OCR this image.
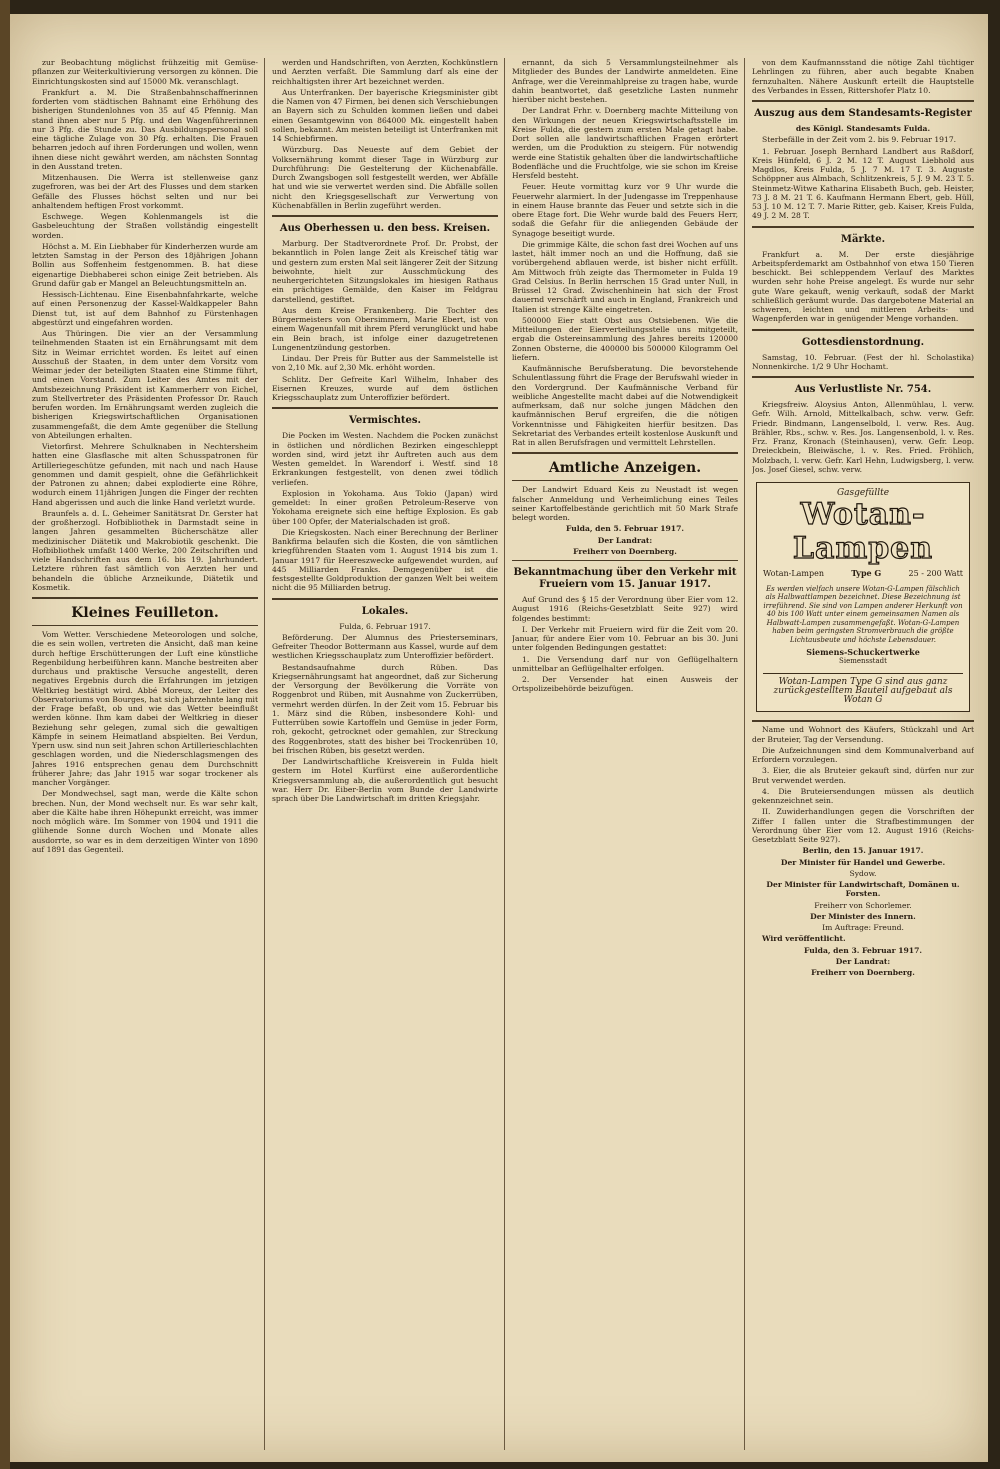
zur Beobachtung möglichst frühzeitig mit Gemüse-pflanzen zur Weiterkultivierung versorgen zu können. Die Einrichtungskosten sind auf 15000 Mk. veranschlagt.

Frankfurt a. M. Die Straßenbahnschaffnerinnen forderten vom städtischen Bahnamt eine Erhöhung des bisherigen Stundenlohnes von 35 auf 45 Pfennig. Man stand ihnen aber nur 5 Pfg. und den Wagenführerinnen nur 3 Pfg. die Stunde zu. Das Ausbildungspersonal soll eine tägliche Zulage von 30 Pfg. erhalten. Die Frauen beharren jedoch auf ihren Forderungen und wollen, wenn ihnen diese nicht gewährt werden, am nächsten Sonntag in den Ausstand treten.

Mitzenhausen. Die Werra ist stellenweise ganz zugefroren, was bei der Art des Flusses und dem starken Gefälle des Flusses höchst selten und nur bei anhaltendem heftigen Frost vorkommt.

Eschwege. Wegen Kohlenmangels ist die Gasbeleuchtung der Straßen vollständig eingestellt worden.

Höchst a. M. Ein Liebhaber für Kinderherzen wurde am letzten Samstag in der Person des 18jährigen Johann Bollin aus Soffenheim festgenommen. B. hat diese eigenartige Diebhaberei schon einige Zeit betrieben. Als Grund dafür gab er Mangel an Beleuchtungsmitteln an.

Hessisch-Lichtenau. Eine Eisenbahnfahrkarte, welche auf einen Personenzug der Kassel-Waldkappeler Bahn Dienst tut, ist auf dem Bahnhof zu Fürstenhagen abgestürzt und eingefahren worden.

Aus Thüringen. Die vier an der Versammlung teilnehmenden Staaten ist ein Ernährungsamt mit dem Sitz in Weimar errichtet worden. Es leitet auf einen Ausschuß der Staaten, in dem unter dem Vorsitz vom Weimar jeder der beteiligten Staaten eine Stimme führt, und einen Vorstand. Zum Leiter des Amtes mit der Amtsbezeichnung Präsident ist Kammerherr von Eichel, zum Stellvertreter des Präsidenten Professor Dr. Rauch berufen worden. Im Ernährungsamt werden zugleich die bisherigen Kriegswirtschaftlichen Organisationen zusammengefaßt, die dem Amte gegenüber die Stellung von Abteilungen erhalten.

Vietorfirst. Mehrere Schulknaben in Nechtersheim hatten eine Glasflasche mit alten Schusspatronen für Artilleriegeschütze gefunden, mit nach und nach Hause genommen und damit gespielt, ohne die Gefährlichkeit der Patronen zu ahnen; dabei explodierte eine Röhre, wodurch einem 11jährigen Jungen die Finger der rechten Hand abgerissen und auch die linke Hand verletzt wurde.

Braunfels a. d. L. Geheimer Sanitätsrat Dr. Gerster hat der großherzogl. Hofbibliothek in Darmstadt seine in langen Jahren gesammelten Bücherschätze aller medizinischer Diätetik und Makrobiotik geschenkt. Die Hofbibliothek umfaßt 1400 Werke, 200 Zeitschriften und viele Handschriften aus dem 16. bis 19. Jahrhundert. Letztere rühren fast sämtlich von Aerzten her und behandeln die übliche Arzneikunde, Diätetik und Kosmetik.

Kleines Feuilleton.

Vom Wetter. Verschiedene Meteorologen und solche, die es sein wollen, vertreten die Ansicht, daß man keine durch heftige Erschütterungen der Luft eine künstliche Regenbildung herbeiführen kann. Manche bestreiten aber durchaus und praktische Versuche angestellt, deren negatives Ergebnis durch die Erfahrungen im jetzigen Weltkrieg bestätigt wird. Abbé Moreux, der Leiter des Observatoriums von Bourges, hat sich jahrzehnte lang mit der Frage befaßt, ob und wie das Wetter beeinflußt werden könne. Ihm kam dabei der Weltkrieg in dieser Beziehung sehr gelegen, zumal sich die gewaltigen Kämpfe in seinem Heimatland abspielten. Bei Verdun, Ypern usw. sind nun seit Jahren schon Artillerieschlachten geschlagen worden, und die Niederschlagsmengen des Jahres 1916 entsprechen genau dem Durchschnitt früherer Jahre; das Jahr 1915 war sogar trockener als mancher Vorgänger.

Der Mondwechsel, sagt man, werde die Kälte schon brechen. Nun, der Mond wechselt nur. Es war sehr kalt, aber die Kälte habe ihren Höhepunkt erreicht, was immer noch möglich wäre. Im Sommer von 1904 und 1911 die glühende Sonne durch Wochen und Monate alles ausdorrte, so war es in dem derzeitigen Winter von 1890 auf 1891 das Gegenteil.

werden und Handschriften, von Aerzten, Kochkünstlern und Aerzten verfaßt. Die Sammlung darf als eine der reichhaltigsten ihrer Art bezeichnet werden.

Aus Unterfranken. Der bayerische Kriegsminister gibt die Namen von 47 Firmen, bei denen sich Verschiebungen an Bayern sich zu Schulden kommen ließen und dabei einen Gesamtgewinn von 864000 Mk. eingestellt haben sollen, bekannt. Am meisten beteiligt ist Unterfranken mit 14 Schiebfirmen.

Würzburg. Das Neueste auf dem Gebiet der Volksernährung kommt dieser Tage in Würzburg zur Durchführung: Die Gestelterung der Küchenabfälle. Durch Zwangsbogen soll festgestellt werden, wer Abfälle hat und wie sie verwertet werden sind. Die Abfälle sollen nicht den Kriegsgesellschaft zur Verwertung von Küchenabfällen in Berlin zugeführt werden.

Aus Oberhessen u. den bess. Kreisen.

Marburg. Der Stadtverordnete Prof. Dr. Probst, der bekanntlich in Polen lange Zeit als Kreischef tätig war und gestern zum ersten Mal seit längerer Zeit der Sitzung beiwohnte, hielt zur Ausschmückung des neuhergerichteten Sitzungslokales im hiesigen Rathaus ein prächtiges Gemälde, den Kaiser im Feldgrau darstellend, gestiftet.

Aus dem Kreise Frankenberg. Die Tochter des Bürgermeisters von Obersimmern, Marie Ebert, ist von einem Wagenunfall mit ihrem Pferd verunglückt und habe ein Bein brach, ist infolge einer dazugetretenen Lungenentzündung gestorben.

Lindau. Der Preis für Butter aus der Sammelstelle ist von 2,10 Mk. auf 2,30 Mk. erhöht worden.

Schlitz. Der Gefreite Karl Wilhelm, Inhaber des Eisernen Kreuzes, wurde auf dem östlichen Kriegsschauplatz zum Unteroffizier befördert.

Vermischtes.

Die Pocken im Westen. Nachdem die Pocken zunächst in östlichen und nördlichen Bezirken eingeschleppt worden sind, wird jetzt ihr Auftreten auch aus dem Westen gemeldet. In Warendorf i. Westf. sind 18 Erkrankungen festgestellt, von denen zwei tödlich verliefen.

Explosion in Yokohama. Aus Tokio (Japan) wird gemeldet: In einer großen Petroleum-Reserve von Yokohama ereignete sich eine heftige Explosion. Es gab über 100 Opfer, der Materialschaden ist groß.

Die Kriegskosten. Nach einer Berechnung der Berliner Bankfirma belaufen sich die Kosten, die von sämtlichen kriegführenden Staaten vom 1. August 1914 bis zum 1. Januar 1917 für Heereszwecke aufgewendet wurden, auf 445 Milliarden Franks. Demgegenüber ist die festsgestellte Goldproduktion der ganzen Welt bei weitem nicht die 95 Milliarden betrug.

Lokales.

Fulda, 6. Februar 1917.

Beförderung. Der Alumnus des Priesterseminars, Gefreiter Theodor Bottermann aus Kassel, wurde auf dem westlichen Kriegsschauplatz zum Unteroffizier befördert.

Bestandsaufnahme durch Rüben. Das Kriegsernährungsamt hat angeordnet, daß zur Sicherung der Versorgung der Bevölkerung die Vorräte von Roggenbrot und Rüben, mit Ausnahme von Zuckerrüben, vermehrt werden dürfen. In der Zeit vom 15. Februar bis 1. März sind die Rüben, insbesondere Kohl- und Futterrüben sowie Kartoffeln und Gemüse in jeder Form, roh, gekocht, getrocknet oder gemahlen, zur Streckung des Roggenbrotes, statt des bisher bei Trockenrüben 10, bei frischen Rüben, bis gesetzt werden.

Der Landwirtschaftliche Kreisverein in Fulda hielt gestern im Hotel Kurfürst eine außerordentliche Kriegsversammlung ab, die außerordentlich gut besucht war. Herr Dr. Eiber-Berlin vom Bunde der Landwirte sprach über Die Landwirtschaft im dritten Kriegsjahr.

ernannt, da sich 5 Versammlungsteilnehmer als Mitglieder des Bundes der Landwirte anmeldeten. Eine Anfrage, wer die Vereinmahlpreise zu tragen habe, wurde dahin beantwortet, daß gesetzliche Lasten nunmehr hierüber nicht bestehen.

Der Landrat Frhr. v. Doernberg machte Mitteilung von den Wirkungen der neuen Kriegswirtschaftsstelle im Kreise Fulda, die gestern zum ersten Male getagt habe. Dort sollen alle landwirtschaftlichen Fragen erörtert werden, um die Produktion zu steigern. Für notwendig werde eine Statistik gehalten über die landwirtschaftliche Bodenfläche und die Fruchtfolge, wie sie schon im Kreise Hersfeld besteht.

Feuer. Heute vormittag kurz vor 9 Uhr wurde die Feuerwehr alarmiert. In der Judengasse im Treppenhause in einem Hause brannte das Feuer und setzte sich in die obere Etage fort. Die Wehr wurde bald des Feuers Herr, sodaß die Gefahr für die anliegenden Gebäude der Synagoge beseitigt wurde.

Die grimmige Kälte, die schon fast drei Wochen auf uns lastet, hält immer noch an und die Hoffnung, daß sie vorübergehend abflauen werde, ist bisher nicht erfüllt. Am Mittwoch früh zeigte das Thermometer in Fulda 19 Grad Celsius. In Berlin herrschen 15 Grad unter Null, in Brüssel 12 Grad. Zwischenhinein hat sich der Frost dauernd verschärft und auch in England, Frankreich und Italien ist strenge Kälte eingetreten.

500000 Eier statt Obst aus Ostsiebenen. Wie die Mitteilungen der Eierverteilungsstelle uns mitgeteilt, ergab die Ostereinsammlung des Jahres bereits 120000 Zonnen Obsterne, die 400000 bis 500000 Kilogramm Oel liefern.

Kaufmännische Berufsberatung. Die bevorstehende Schulentlassung führt die Frage der Berufswahl wieder in den Vordergrund. Der Kaufmännische Verband für weibliche Angestellte macht dabei auf die Notwendigkeit aufmerksam, daß nur solche jungen Mädchen den kaufmännischen Beruf ergreifen, die die nötigen Vorkenntnisse und Fähigkeiten hierfür besitzen. Das Sekretariat des Verbandes erteilt kostenlose Auskunft und Rat in allen Berufsfragen und vermittelt Lehrstellen.

Amtliche Anzeigen.

Der Landwirt Eduard Keis zu Neustadt ist wegen falscher Anmeldung und Verheimlichung eines Teiles seiner Kartoffelbestände gerichtlich mit 50 Mark Strafe belegt worden.

Fulda, den 5. Februar 1917.

Der Landrat:

Freiherr von Doernberg.

Bekanntmachung über den Verkehr mit Frueiern vom 15. Januar 1917.

Auf Grund des § 15 der Verordnung über Eier vom 12. August 1916 (Reichs-Gesetzblatt Seite 927) wird folgendes bestimmt:

I. Der Verkehr mit Frueiern wird für die Zeit vom 20. Januar, für andere Eier vom 10. Februar an bis 30. Juni unter folgenden Bedingungen gestattet:

1. Die Versendung darf nur von Geflügelhaltern unmittelbar an Geflügelhalter erfolgen.

2. Der Versender hat einen Ausweis der Ortspolizeibehörde beizufügen.

von dem Kaufmannsstand die nötige Zahl tüchtiger Lehrlingen zu führen, aber auch begabte Knaben fernzuhalten. Nähere Auskunft erteilt die Hauptstelle des Verbandes in Essen, Rittershofer Platz 10.

Auszug aus dem Standesamts-Register

des Königl. Standesamts Fulda.

Sterbefälle in der Zeit vom 2. bis 9. Februar 1917.

1. Februar. Joseph Bernhard Landbert aus Raßdorf, Kreis Hünfeld, 6 J. 2 M. 12 T. August Liebhold aus Magdlos, Kreis Fulda, 5 J. 7 M. 17 T. 3. Auguste Schöppner aus Almbach, Schlitzenkreis, 5 J. 9 M. 23 T. 5. Steinmetz-Witwe Katharina Elisabeth Buch, geb. Heister, 73 J. 8 M. 21 T. 6. Kaufmann Hermann Ebert, geb. Hüll, 53 J. 10 M. 12 T. 7. Marie Ritter, geb. Kaiser, Kreis Fulda, 49 J. 2 M. 28 T.

Märkte.

Frankfurt a. M. Der erste diesjährige Arbeitspferdemarkt am Ostbahnhof von etwa 150 Tieren beschickt. Bei schleppendem Verlauf des Marktes wurden sehr hohe Preise angelegt. Es wurde nur sehr gute Ware gekauft, wenig verkauft, sodaß der Markt schließlich geräumt wurde. Das dargebotene Material an schweren, leichten und mittleren Arbeits- und Wagenpferden war in genügender Menge vorhanden.

Gottesdienstordnung.

Samstag, 10. Februar. (Fest der hl. Scholastika) Nonnenkirche. 1/2 9 Uhr Hochamt.

Aus Verlustliste Nr. 754.

Kriegsfreiw. Aloysius Anton, Allenmühlau, l. verw. Gefr. Wilh. Arnold, Mittelkalbach, schw. verw. Gefr. Friedr. Bindmann, Langenselbold, l. verw. Res. Aug. Brähler, Rbs., schw. v. Res. Jos. Langensenbold, l. v. Res. Frz. Franz, Kronach (Steinhausen), verw. Gefr. Leop. Dreieckbein, Bleiwäsche, l. v. Res. Fried. Fröhlich, Molzbach, l. verw. Gefr. Karl Hehn, Ludwigsberg, l. verw. Jos. Josef Giesel, schw. verw.

Gasgefüllte
Wotan-Lampen
Wotan-Lampen	Type G	25 - 200 Watt
Es werden vielfach unsere Wotan-G-Lampen fälschlich als Halbwattlampen bezeichnet. Diese Bezeichnung ist irreführend. Sie sind von Lampen anderer Herkunft von 40 bis 100 Watt unter einem gemeinsamen Namen als Halbwatt-Lampen zusammengefaßt. Wotan-G-Lampen haben beim geringsten Stromverbrauch die größte Lichtausbeute und höchste Lebensdauer.
Siemens-Schuckertwerke
Siemensstadt
Wotan-Lampen Type G sind aus ganz zurückgestelltem Bauteil aufgebaut als Wotan G

Name und Wohnort des Käufers, Stückzahl und Art der Bruteier, Tag der Versendung.

Die Aufzeichnungen sind dem Kommunalverband auf Erfordern vorzulegen.

3. Eier, die als Bruteier gekauft sind, dürfen nur zur Brut verwendet werden.

4. Die Bruteiersendungen müssen als deutlich gekennzeichnet sein.

II. Zuwiderhandlungen gegen die Vorschriften der Ziffer I fallen unter die Strafbestimmungen der Verordnung über Eier vom 12. August 1916 (Reichs-Gesetzblatt Seite 927).

Berlin, den 15. Januar 1917.

Der Minister für Handel und Gewerbe.

Sydow.

Der Minister für Landwirtschaft, Domänen u. Forsten.

Freiherr von Schorlemer.

Der Minister des Innern.

Im Auftrage: Freund.

Wird veröffentlicht.

Fulda, den 3. Februar 1917.

Der Landrat:

Freiherr von Doernberg.
